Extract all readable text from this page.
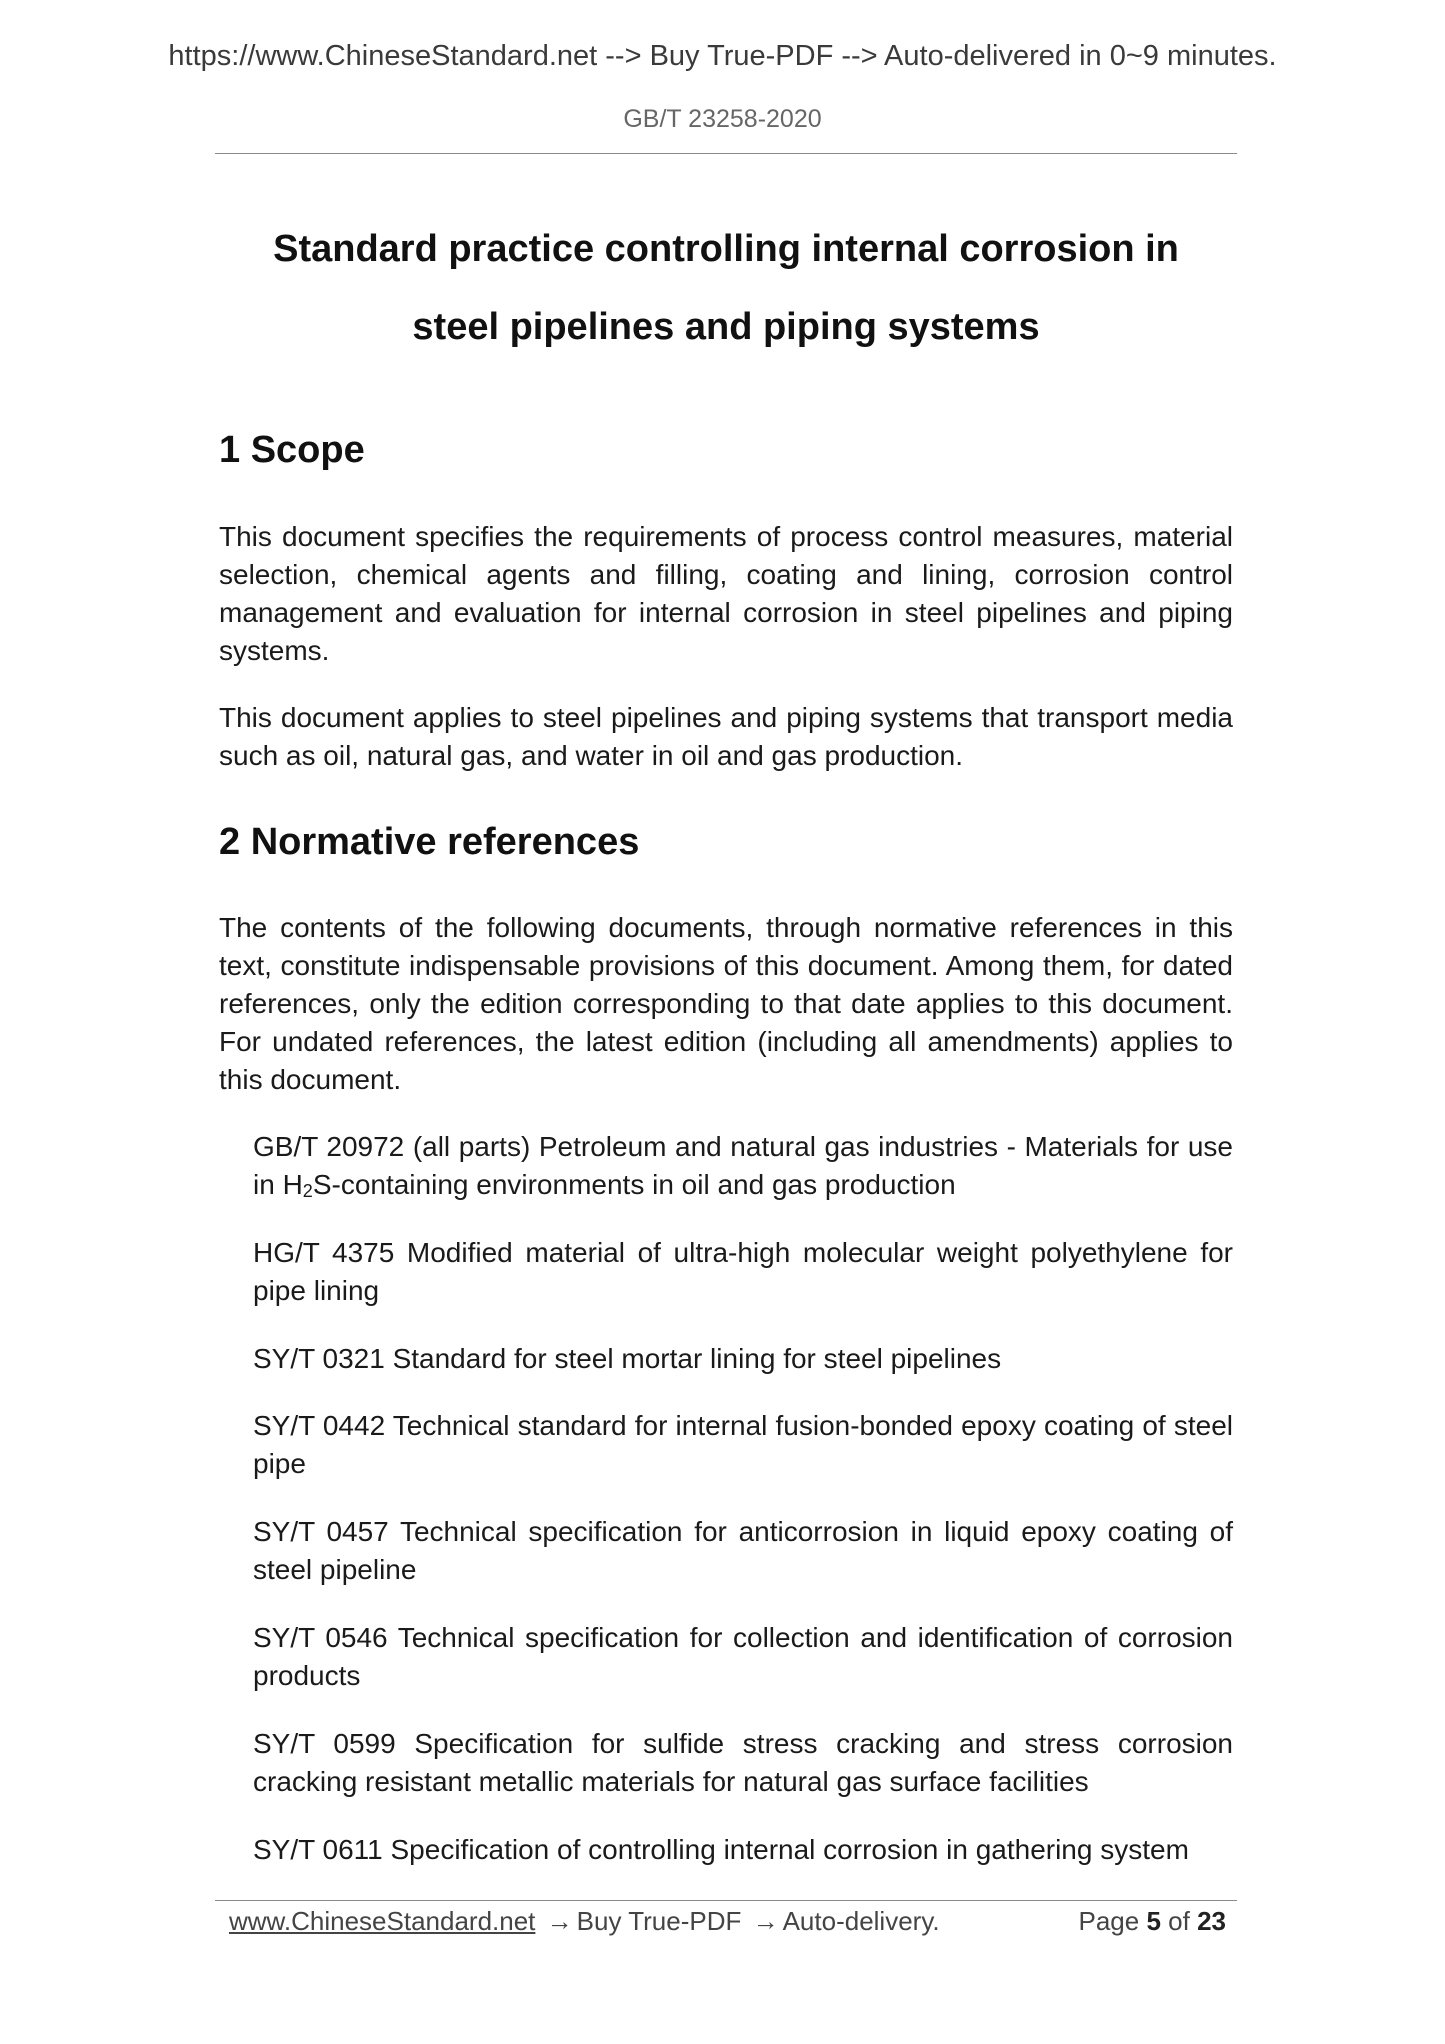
https://www.ChineseStandard.net --> Buy True-PDF --> Auto-delivered in 0~9 minutes.
GB/T 23258-2020
Standard practice controlling internal corrosion in
steel pipelines and piping systems
1 Scope
This document specifies the requirements of process control measures, material selection, chemical agents and filling, coating and lining, corrosion control management and evaluation for internal corrosion in steel pipelines and piping systems.
This document applies to steel pipelines and piping systems that transport media such as oil, natural gas, and water in oil and gas production.
2 Normative references
The contents of the following documents, through normative references in this text, constitute indispensable provisions of this document. Among them, for dated references, only the edition corresponding to that date applies to this document. For undated references, the latest edition (including all amendments) applies to this document.
GB/T 20972 (all parts) Petroleum and natural gas industries - Materials for use in H2S-containing environments in oil and gas production
HG/T 4375 Modified material of ultra-high molecular weight polyethylene for pipe lining
SY/T 0321 Standard for steel mortar lining for steel pipelines
SY/T 0442 Technical standard for internal fusion-bonded epoxy coating of steel pipe
SY/T 0457 Technical specification for anticorrosion in liquid epoxy coating of steel pipeline
SY/T 0546 Technical specification for collection and identification of corrosion products
SY/T 0599 Specification for sulfide stress cracking and stress corrosion cracking resistant metallic materials for natural gas surface facilities
SY/T 0611 Specification of controlling internal corrosion in gathering system
www.ChineseStandard.net → Buy True-PDF → Auto-delivery.	Page 5 of 23
